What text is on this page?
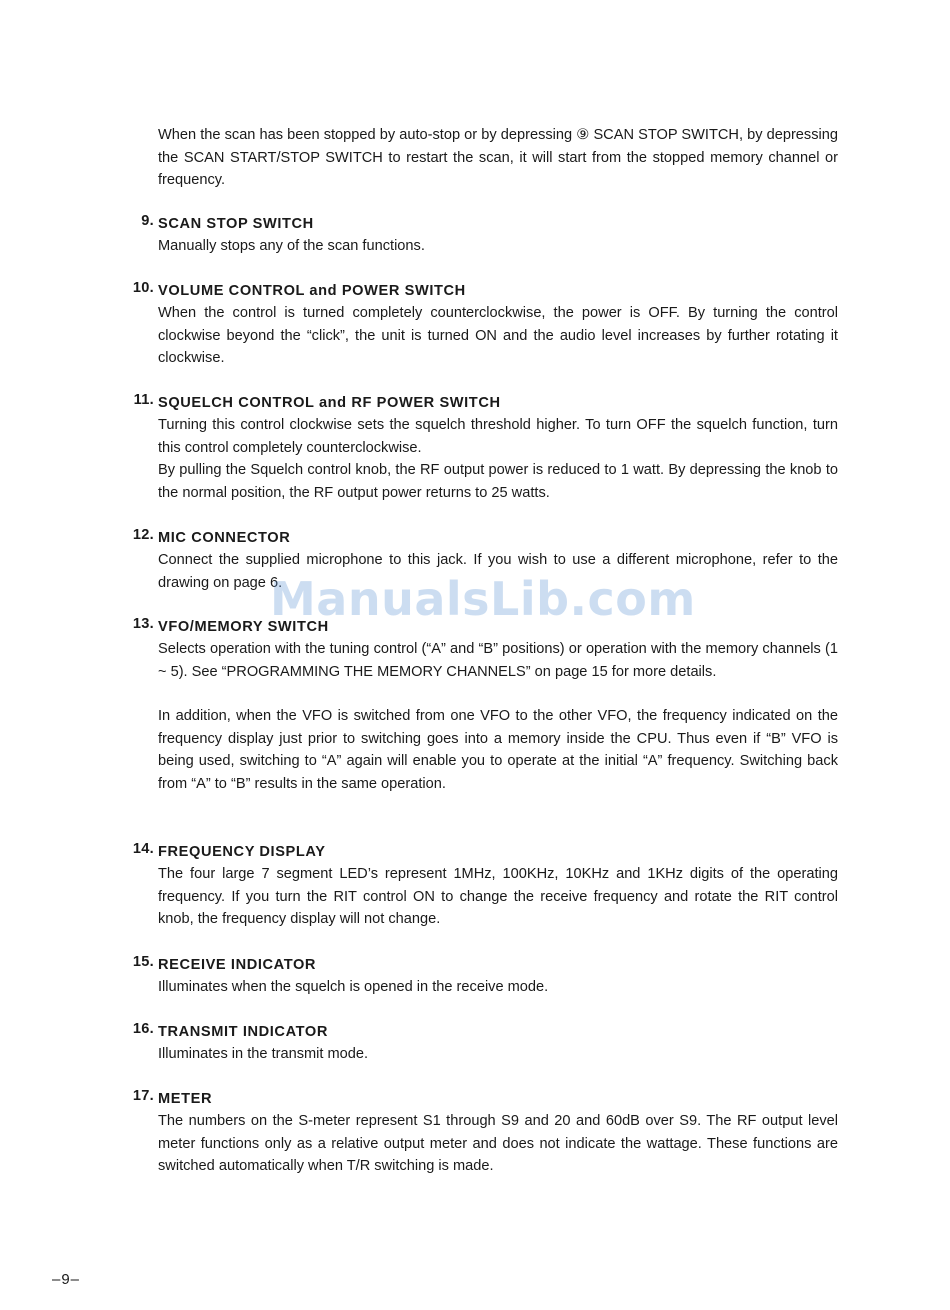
When the scan has been stopped by auto-stop or by depressing ⑨ SCAN STOP SWITCH, by depressing the SCAN START/STOP SWITCH to restart the scan, it will start from the stopped memory channel or frequency.
9. SCAN STOP SWITCH

Manually stops any of the scan functions.

10. VOLUME CONTROL and POWER SWITCH

When the control is turned completely counterclockwise, the power is OFF. By turning the control clockwise beyond the “click”, the unit is turned ON and the audio level increases by further rotating it clockwise.

11. SQUELCH CONTROL and RF POWER SWITCH

Turning this control clockwise sets the squelch threshold higher. To turn OFF the squelch function, turn this control completely counterclockwise.

By pulling the Squelch control knob, the RF output power is reduced to 1 watt. By depressing the knob to the normal position, the RF output power returns to 25 watts.

12. MIC CONNECTOR

Connect the supplied microphone to this jack. If you wish to use a different microphone, refer to the drawing on page 6.

13. VFO/MEMORY SWITCH

Selects operation with the tuning control (“A” and “B” positions) or operation with the memory channels (1 ~ 5). See “PROGRAMMING THE MEMORY CHANNELS” on page 15 for more details.

In addition, when the VFO is switched from one VFO to the other VFO, the frequency indicated on the frequency display just prior to switching goes into a memory inside the CPU. Thus even if “B” VFO is being used, switching to “A” again will enable you to operate at the initial “A” frequency. Switching back from “A” to “B” results in the same operation.

14. FREQUENCY DISPLAY

The four large 7 segment LED’s represent 1MHz, 100KHz, 10KHz and 1KHz digits of the operating frequency. If you turn the RIT control ON to change the receive frequency and rotate the RIT control knob, the frequency display will not change.

15. RECEIVE INDICATOR

Illuminates when the squelch is opened in the receive mode.

16. TRANSMIT INDICATOR

Illuminates in the transmit mode.

17. METER

The numbers on the S-meter represent S1 through S9 and 20 and 60dB over S9. The RF output level meter functions only as a relative output meter and does not indicate the wattage. These functions are switched automatically when T/R switching is made.

ManualsLib.com
–9–
